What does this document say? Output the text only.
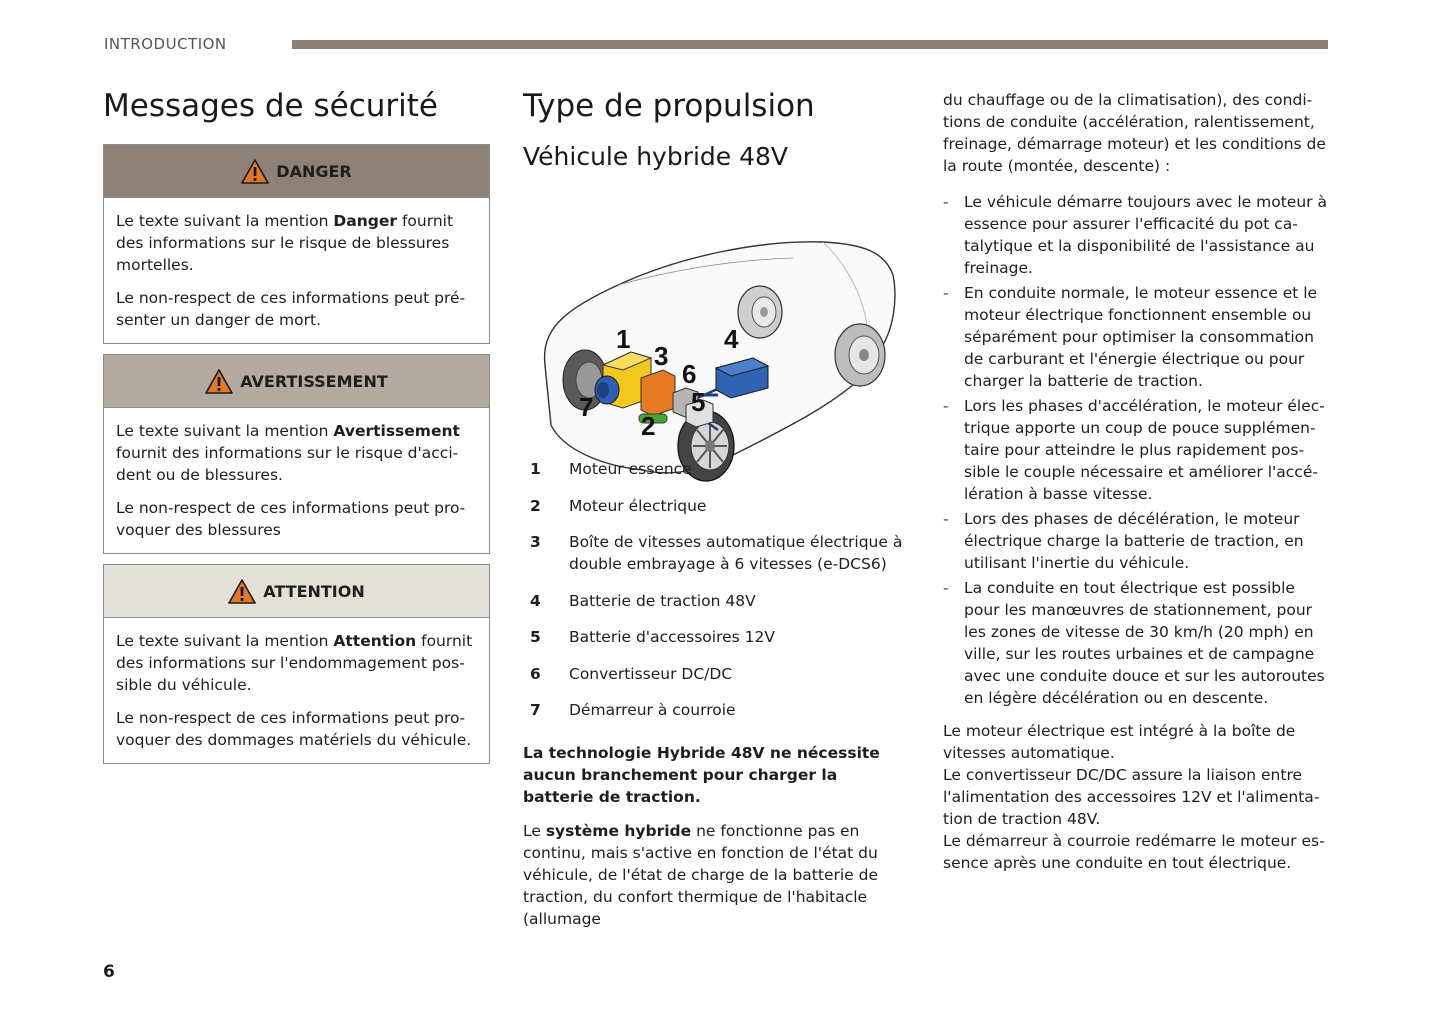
INTRODUCTION
Messages de sécurité
DANGER

Le texte suivant la mention Danger fournit des informations sur le risque de blessures mortelles.

Le non-respect de ces informations peut présenter un danger de mort.

AVERTISSEMENT

Le texte suivant la mention Avertissement fournit des informations sur le risque d'accident ou de blessures.

Le non-respect de ces informations peut provoquer des blessures

ATTENTION

Le texte suivant la mention Attention fournit des informations sur l'endommagement possible du véhicule.

Le non-respect de ces informations peut provoquer des dommages matériels du véhicule.

Type de propulsion
Véhicule hybride 48V
1
2
3
4
5
6
7
1	Moteur essence
2	Moteur électrique
3	Boîte de vitesses automatique électrique à double embrayage à 6 vitesses (e-DCS6)
4	Batterie de traction 48V
5	Batterie d'accessoires 12V
6	Convertisseur DC/DC
7	Démarreur à courroie

La technologie Hybride 48V ne nécessite aucun branchement pour charger la batterie de traction.

Le système hybride ne fonctionne pas en continu, mais s'active en fonction de l'état du véhicule, de l'état de charge de la batterie de traction, du confort thermique de l'habitacle (allumage

du chauffage ou de la climatisation), des conditions de conduite (accélération, ralentissement, freinage, démarrage moteur) et les conditions de la route (montée, descente) :

- Le véhicule démarre toujours avec le moteur à essence pour assurer l'efficacité du pot catalytique et la disponibilité de l'assistance au freinage.
- En conduite normale, le moteur essence et le moteur électrique fonctionnent ensemble ou séparément pour optimiser la consommation de carburant et l'énergie électrique ou pour charger la batterie de traction.
- Lors les phases d'accélération, le moteur électrique apporte un coup de pouce supplémentaire pour atteindre le plus rapidement possible le couple nécessaire et améliorer l'accélération à basse vitesse.
- Lors des phases de décélération, le moteur électrique charge la batterie de traction, en utilisant l'inertie du véhicule.
- La conduite en tout électrique est possible pour les manœuvres de stationnement, pour les zones de vitesse de 30 km/h (20 mph) en ville, sur les routes urbaines et de campagne avec une conduite douce et sur les autoroutes en légère décélération ou en descente.

Le moteur électrique est intégré à la boîte de vitesses automatique.

Le convertisseur DC/DC assure la liaison entre l'alimentation des accessoires 12V et l'alimentation de traction 48V.

Le démarreur à courroie redémarre le moteur essence après une conduite en tout électrique.

6
